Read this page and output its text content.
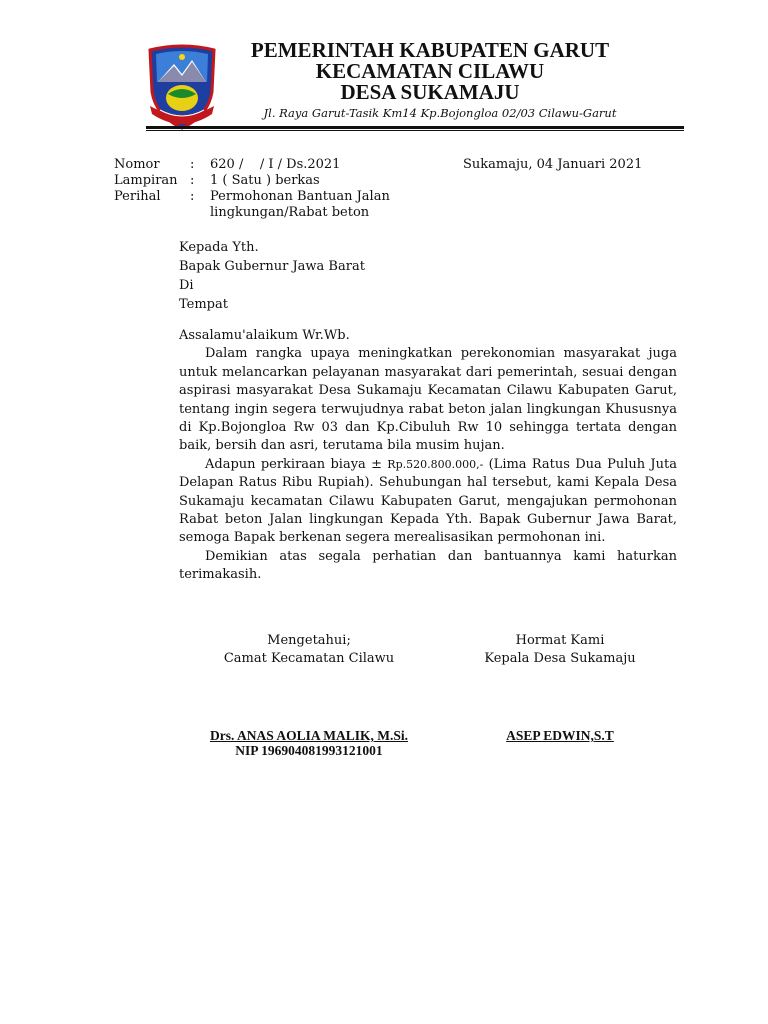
PEMERINTAH KABUPATEN GARUT
KECAMATAN CILAWU
DESA SUKAMAJU
Jl. Raya Garut-Tasik Km14 Kp.Bojongloa 02/03 Cilawu-Garut
Nomor	:	620 /    / I / Ds.2021
Lampiran :	1 ( Satu ) berkas
Perihal	:	Permohonan Bantuan Jalan
lingkungan/Rabat beton
Sukamaju, 04 Januari 2021
Kepada Yth.
Bapak Gubernur Jawa Barat
Di
Tempat

Assalamu'alaikum Wr.Wb.

Dalam rangka upaya meningkatkan perekonomian masyarakat juga untuk melancarkan pelayanan masyarakat dari pemerintah, sesuai dengan aspirasi masyarakat Desa Sukamaju Kecamatan Cilawu Kabupaten Garut, tentang ingin segera terwujudnya rabat beton jalan lingkungan Khususnya di Kp.Bojongloa Rw 03 dan Kp.Cibuluh Rw 10 sehingga tertata dengan baik, bersih dan asri, terutama bila musim hujan.

Adapun perkiraan biaya ± Rp.520.800.000,- (Lima Ratus Dua Puluh Juta Delapan Ratus Ribu Rupiah). Sehubungan hal tersebut, kami Kepala Desa Sukamaju kecamatan Cilawu Kabupaten Garut, mengajukan permohonan Rabat beton Jalan lingkungan Kepada Yth. Bapak Gubernur Jawa Barat, semoga Bapak berkenan segera merealisasikan permohonan ini.

Demikian atas segala perhatian dan bantuannya kami haturkan terimakasih.

Mengetahui;
Camat Kecamatan Cilawu
Hormat Kami
Kepala Desa Sukamaju
Drs. ANAS AOLIA MALIK, M.Si.
NIP 196904081993121001
ASEP EDWIN,S.T
